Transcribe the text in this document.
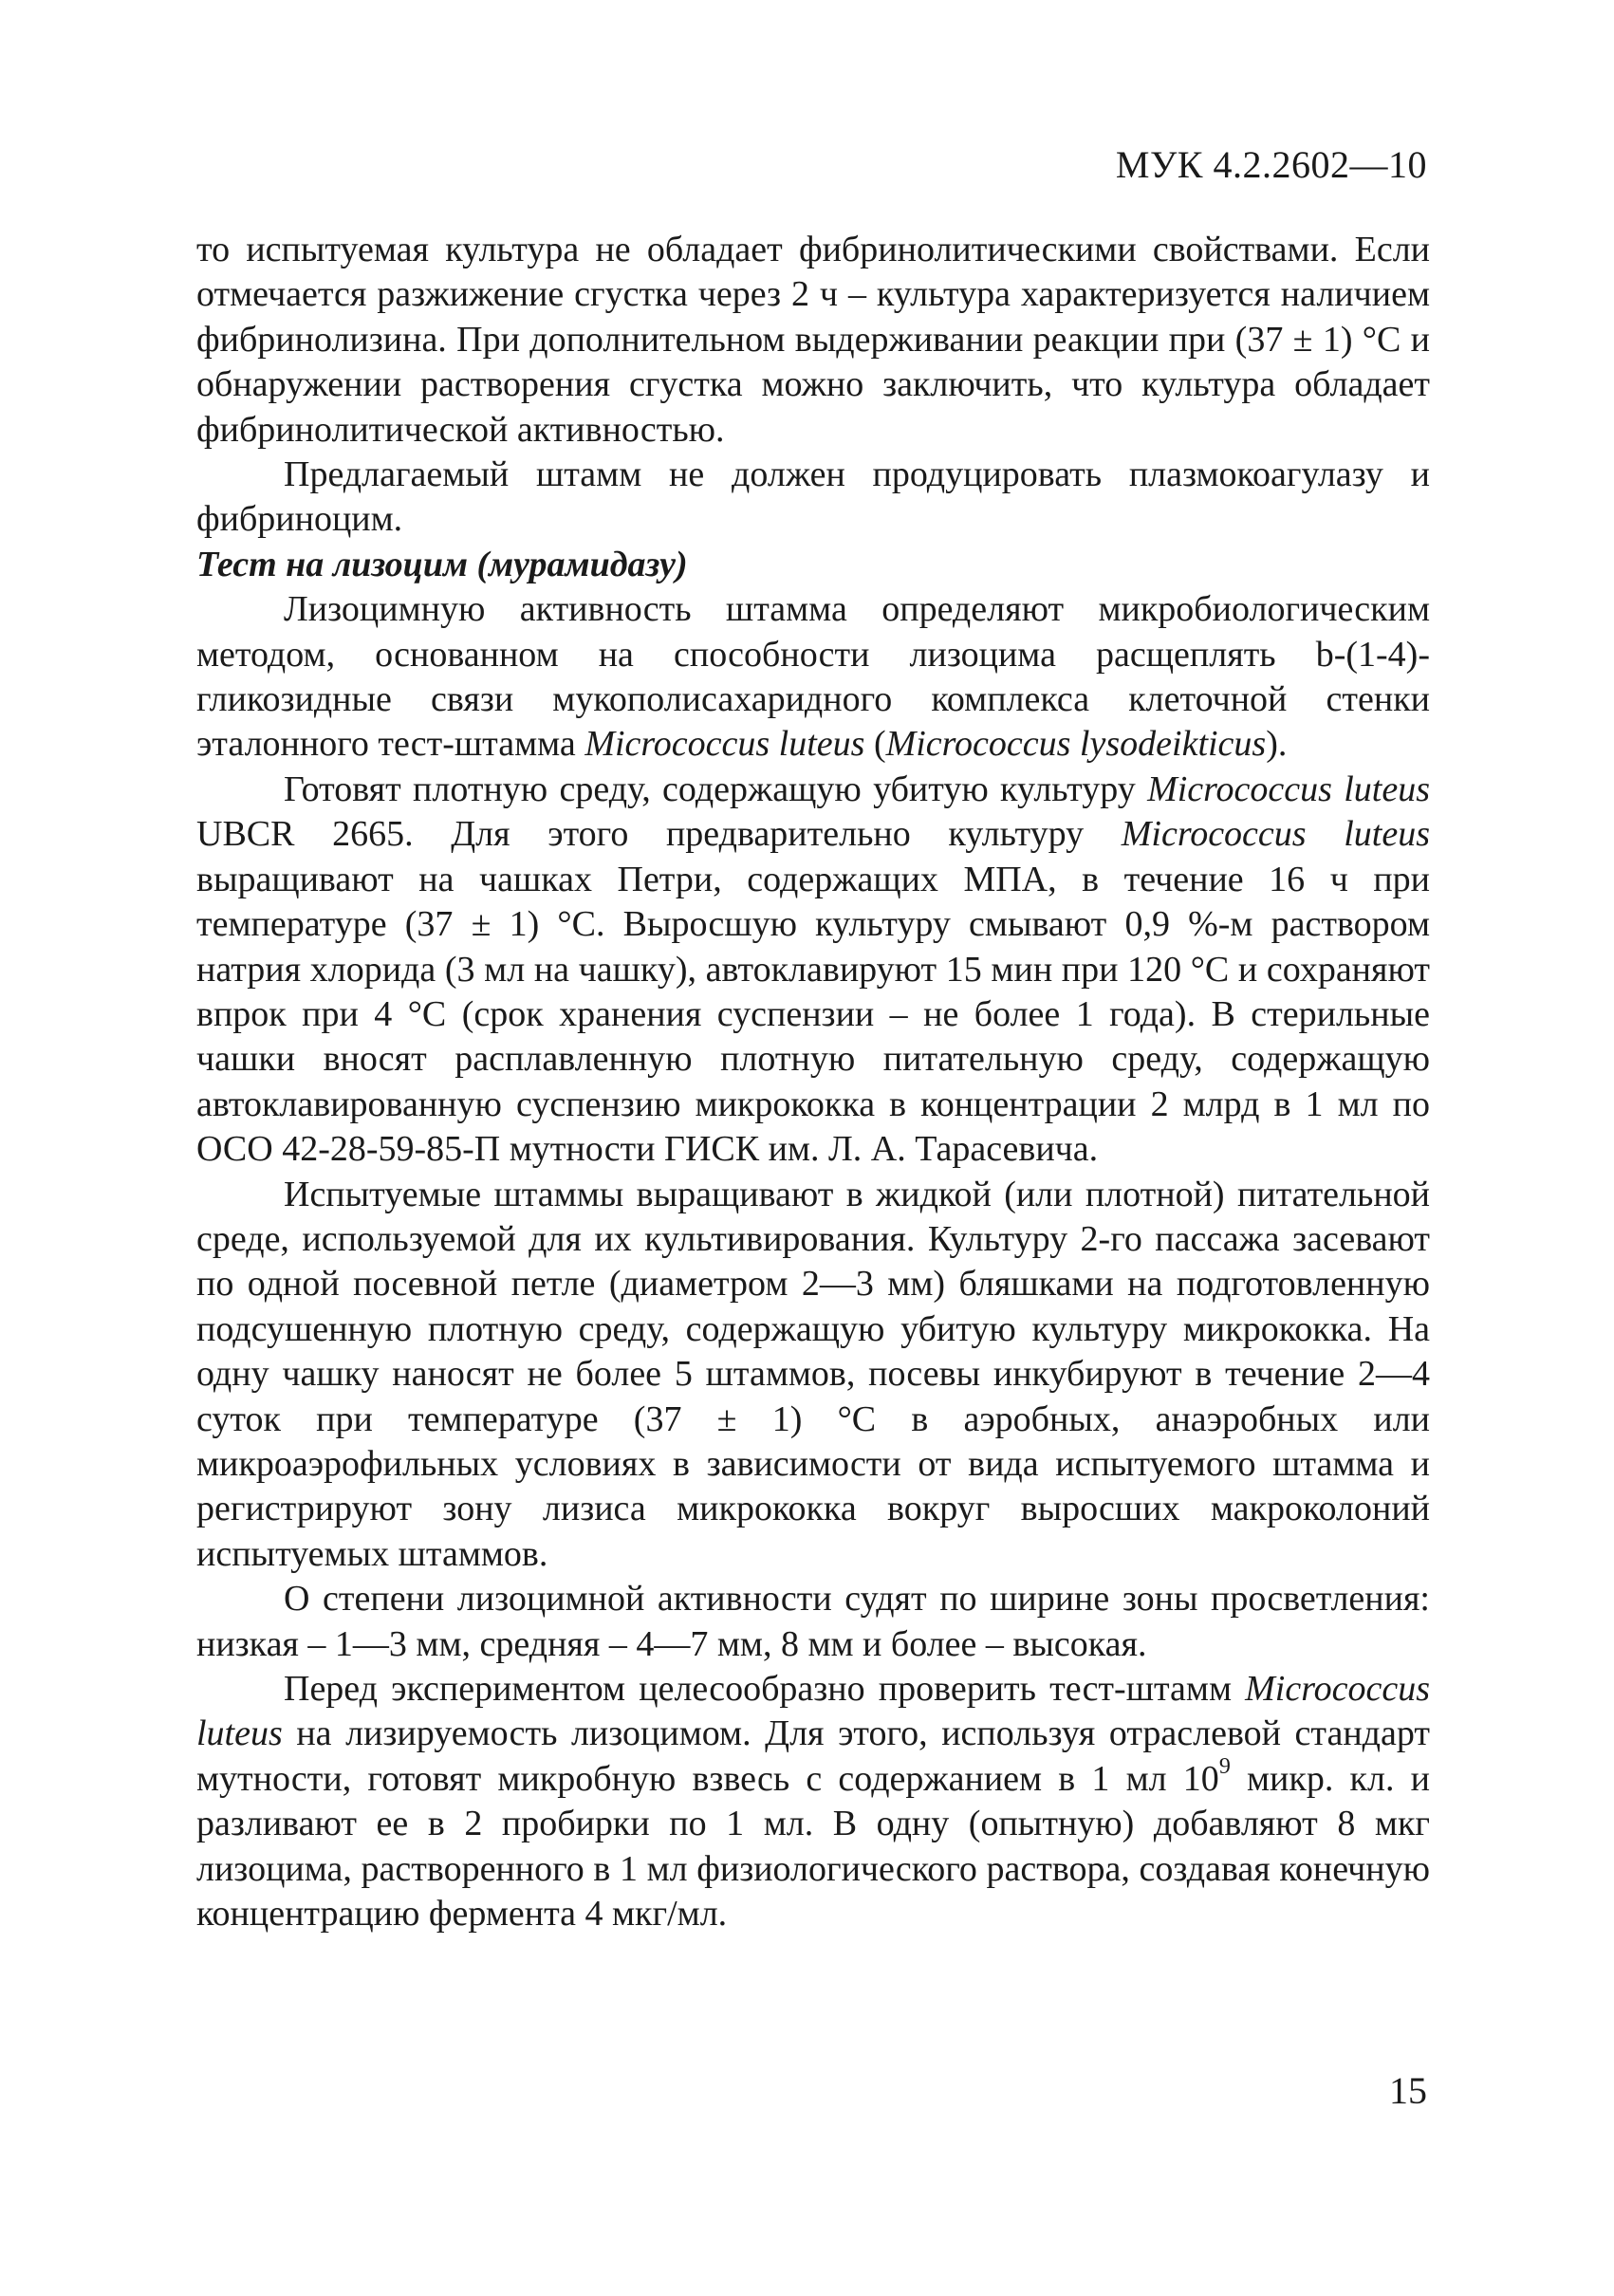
МУК 4.2.2602—10

то испытуемая культура не обладает фибринолитическими свойствами. Если отмечается разжижение сгустка через 2 ч – культура характеризуется наличием фибринолизина. При дополнительном выдерживании реакции при (37 ± 1) °С и обнаружении растворения сгустка можно заключить, что культура обладает фибринолитической активностью.

Предлагаемый штамм не должен продуцировать плазмокоагулазу и фибриноцим.

Тест на лизоцим (мурамидазу)

Лизоцимную активность штамма определяют микробиологическим методом, основанном на способности лизоцима расщеплять b-(1-4)-гликозидные связи мукополисахаридного комплекса клеточной стенки эталонного тест-штамма Micrococcus luteus (Micrococcus lysodeikticus).

Готовят плотную среду, содержащую убитую культуру Micrococcus luteus UBCR 2665. Для этого предварительно культуру Micrococcus luteus выращивают на чашках Петри, содержащих МПА, в течение 16 ч при температуре (37 ± 1) °С. Выросшую культуру смывают 0,9 %-м раствором натрия хлорида (3 мл на чашку), автоклавируют 15 мин при 120 °С и сохраняют впрок при 4 °С (срок хранения суспензии – не более 1 года). В стерильные чашки вносят расплавленную плотную питательную среду, содержащую автоклавированную суспензию микрококка в концентрации 2 млрд в 1 мл по ОСО 42-28-59-85-П мутности ГИСК им. Л. А. Тарасевича.

Испытуемые штаммы выращивают в жидкой (или плотной) питательной среде, используемой для их культивирования. Культуру 2-го пассажа засевают по одной посевной петле (диаметром 2—3 мм) бляшками на подготовленную подсушенную плотную среду, содержащую убитую культуру микрококка. На одну чашку наносят не более 5 штаммов, посевы инкубируют в течение 2—4 суток при температуре (37 ± 1) °С в аэробных, анаэробных или микроаэрофильных условиях в зависимости от вида испытуемого штамма и регистрируют зону лизиса микрококка вокруг выросших макроколоний испытуемых штаммов.

О степени лизоцимной активности судят по ширине зоны просветления: низкая – 1—3 мм, средняя – 4—7 мм, 8 мм и более – высокая.

Перед экспериментом целесообразно проверить тест-штамм Micrococcus luteus на лизируемость лизоцимом. Для этого, используя отраслевой стандарт мутности, готовят микробную взвесь с содержанием в 1 мл $10^9$ микр. кл. и разливают ее в 2 пробирки по 1 мл. В одну (опытную) добавляют 8 мкг лизоцима, растворенного в 1 мл физиологического раствора, создавая конечную концентрацию фермента 4 мкг/мл.

15
